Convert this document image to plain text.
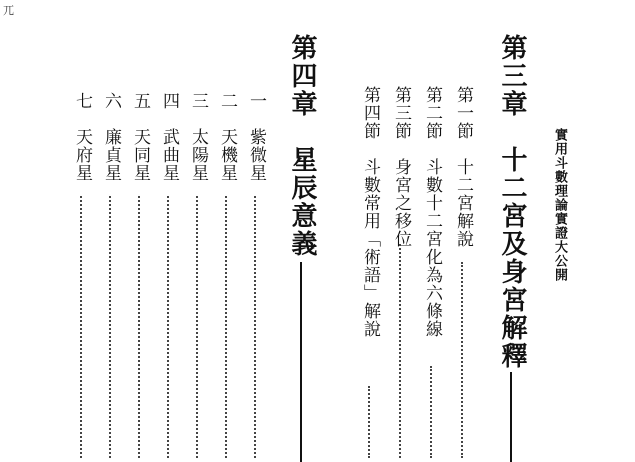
兀
實用斗數理論實證大公開
第三章　十二宮及身宮解釋
第一節　十二宮解說
第二節　斗數十二宮化為六條線
第三節　身宮之移位
第四節　斗數常用「術語」解說
第四章　星辰意義
一　紫微星
二　天機星
三　太陽星
四　武曲星
五　天同星
六　廉貞星
七　天府星
